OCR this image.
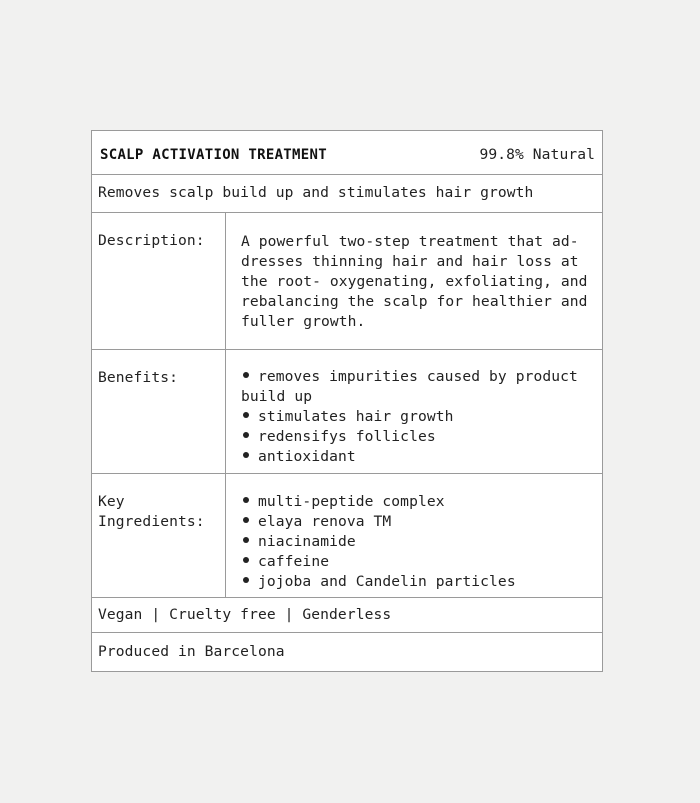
SCALP ACTIVATION TREATMENT	99.8% Natural
Removes scalp build up and stimulates hair growth
Description:	A powerful two-step treatment that ad-dresses thinning hair and hair loss at the root- oxygenating, exfoliating, and rebalancing the scalp for healthier and fuller growth.
Benefits:	removes impurities caused by product build up
stimulates hair growth
redensifys follicles
antioxidant
Key Ingredients:
multi-peptide complex
elaya renova TM
niacinamide
caffeine
jojoba and Candelin particles
Vegan | Cruelty free | Genderless
Produced in Barcelona
